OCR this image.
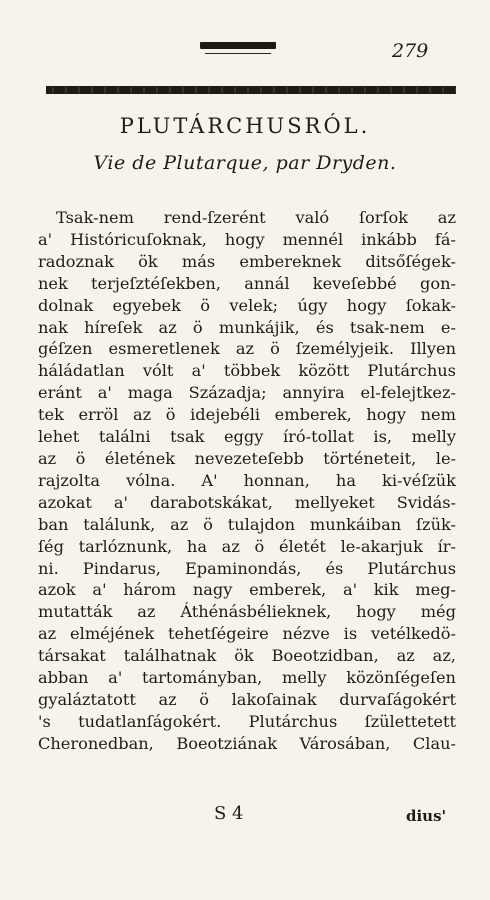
279
PLUTÁRCHUSRÓL.
Vie de Plutarque, par Dryden.
Tsak-nem rend-ſzerént való ſorſok az
a' Históricuſoknak, hogy mennél inkább fá-
radoznak ök más embereknek ditsőſégek-
nek terjeſztéſekben, annál keveſebbé gon-
dolnak egyebek ö velek; úgy hogy ſokak-
nak híreſek az ö munkájik, és tsak-nem e-
géſzen esmeretlenek az ö ſzemélyjeik. Illyen
háládatlan vólt a' többek között Plutárchus
eránt a' maga Századja; annyira el-felejtkez-
tek erröl az ö idejebéli emberek, hogy nem
lehet találni tsak eggy író-tollat is, melly
az ö életének nevezeteſebb történeteit, le-
rajzolta vólna. A' honnan, ha ki-véſzük
azokat a' darabotskákat, mellyeket Svidás-
ban találunk, az ö tulajdon munkáiban ſzük-
ſég tarlóznunk, ha az ö életét le-akarjuk ír-
ni. Pindarus, Epaminondás, és Plutárchus
azok a' három nagy emberek, a' kik meg-
mutatták az Áthénásbélieknek, hogy még
az elméjének tehetſégeire nézve is vetélkedö-
társakat találhatnak ök Boeotzidban, az az,
abban a' tartományban, melly közönſégeſen
gyaláztatott az ö lakoſainak durvaſágokért
's tudatlanſágokért. Plutárchus ſzülettetett
Cheronedban, Boeotziának Városában, Clau-
S 4	dius'
